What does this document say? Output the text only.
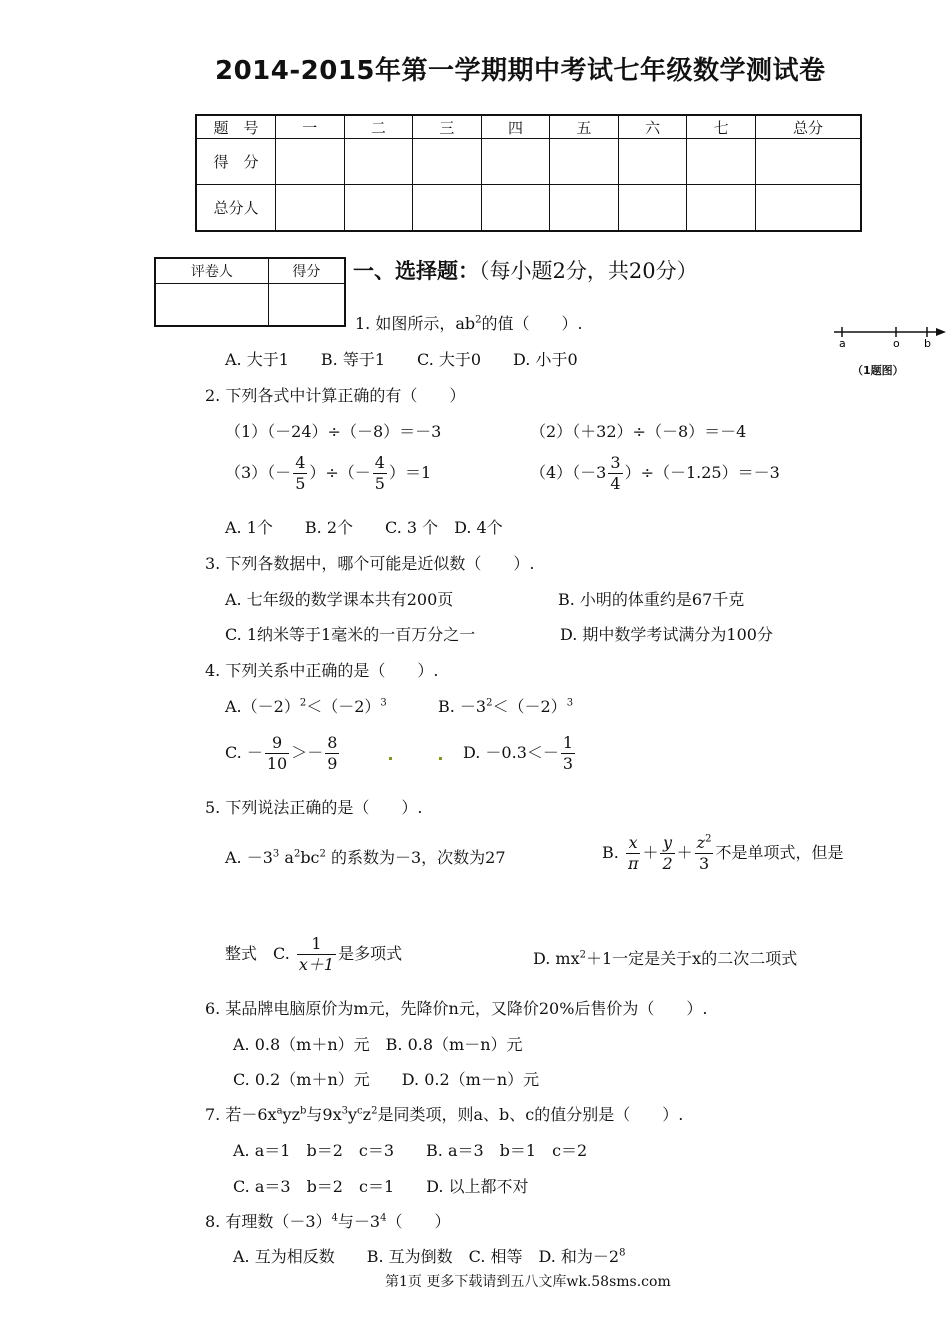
2014-2015年第一学期期中考试七年级数学测试卷
题　号	一	二	三	四	五	六	七	总分
得　分								
总分人								
评卷人	得分
	一、选择题：（每小题2分，共20分）
a	o b
（1题图）
1. 如图所示，$ab^2$的值（　　）.
A. 大于1　　B. 等于1　　C. 大于0　　D. 小于0
2. 下列各式中计算正确的有（　　）
（1）（－24）÷（－8）＝－3	（2）（＋32）÷（－8）＝－4
$(3)(- \frac{4}{5}$ ）÷（－ $\frac{4}{5} )=1$	$(4)(-3 \frac{3}{4} )\div(-1.25)=-3$
A. 1个　　B. 2个　　C. 3 个　D. 4个
3. 下列各数据中，哪个可能是近似数（　　）.
A. 七年级的数学课本共有200页	B. 小明的体重约是67千克
C. 1纳米等于1毫米的一百万分之一	D. 期中数学考试满分为100分
4. 下列关系中正确的是（　　）.
$A.(-2)^2<(-2)^3$	B. $-3^2<(-2)^3$
C. － $\frac{9}{10} >- \frac{8}{9}$	D. $-0.3<- \frac{1}{3}$
5. 下列说法正确的是（　　）.
A. $-3^3$ $a^2bc^2$ 的系数为－3，次数为27	B. $\frac{x}{\pi} + \frac{y}{2} + \frac{z^2}{3}$ 不是单项式，但是
整式　 C. $\frac{1}{x+1}$ 是多项式	D. $mx^2+1$一定是关于x的二次二项式
6. 某品牌电脑原价为m元，先降价n元，又降价20%后售价为（　　）.
A. 0.8（m＋n）元　B. 0.8（m－n）元
C. 0.2（m＋n）元　　D. 0.2（m－n）元
7. 若$-6x^ayz^b$与$9x^3y^cz^2$是同类项，则a、b、c的值分别是（　　）.
A. a＝1　b＝2　c＝3　　B. a＝3　b＝1　c＝2
C. a＝3　b＝2　c＝1　　D. 以上都不对
8. 有理数$(-3)^4$与$-3^4$（　　）
A. 互为相反数　　B. 互为倒数　C. 相等　D. 和为$-2^8$
第1页 更多下载请到五八文库wk.58sms.com
